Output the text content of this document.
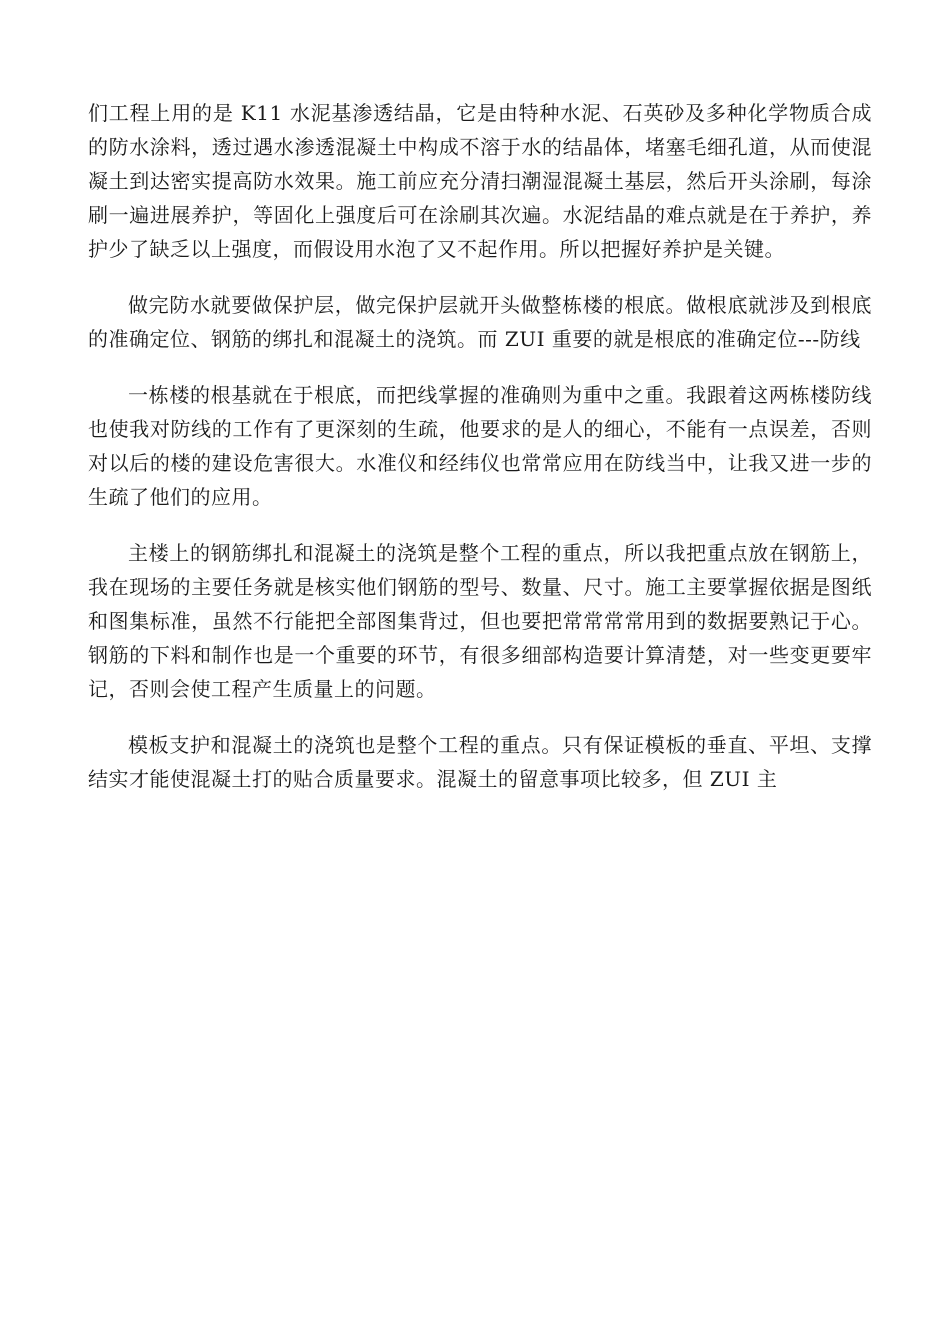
们工程上用的是 K11 水泥基渗透结晶，它是由特种水泥、石英砂及多种化学物质合成的防水涂料，透过遇水渗透混凝土中构成不溶于水的结晶体，堵塞毛细孔道，从而使混凝土到达密实提高防水效果。施工前应充分清扫潮湿混凝土基层，然后开头涂刷，每涂刷一遍进展养护，等固化上强度后可在涂刷其次遍。水泥结晶的难点就是在于养护，养护少了缺乏以上强度，而假设用水泡了又不起作用。所以把握好养护是关键。

做完防水就要做保护层，做完保护层就开头做整栋楼的根底。做根底就涉及到根底的准确定位、钢筋的绑扎和混凝土的浇筑。而 ZUI 重要的就是根底的准确定位---防线

一栋楼的根基就在于根底，而把线掌握的准确则为重中之重。我跟着这两栋楼防线也使我对防线的工作有了更深刻的生疏，他要求的是人的细心，不能有一点误差，否则对以后的楼的建设危害很大。水准仪和经纬仪也常常应用在防线当中，让我又进一步的生疏了他们的应用。

主楼上的钢筋绑扎和混凝土的浇筑是整个工程的重点，所以我把重点放在钢筋上，我在现场的主要任务就是核实他们钢筋的型号、数量、尺寸。施工主要掌握依据是图纸和图集标准，虽然不行能把全部图集背过，但也要把常常常常用到的数据要熟记于心。钢筋的下料和制作也是一个重要的环节，有很多细部构造要计算清楚，对一些变更要牢记，否则会使工程产生质量上的问题。

模板支护和混凝土的浇筑也是整个工程的重点。只有保证模板的垂直、平坦、支撑结实才能使混凝土打的贴合质量要求。混凝土的留意事项比较多，但 ZUI 主
